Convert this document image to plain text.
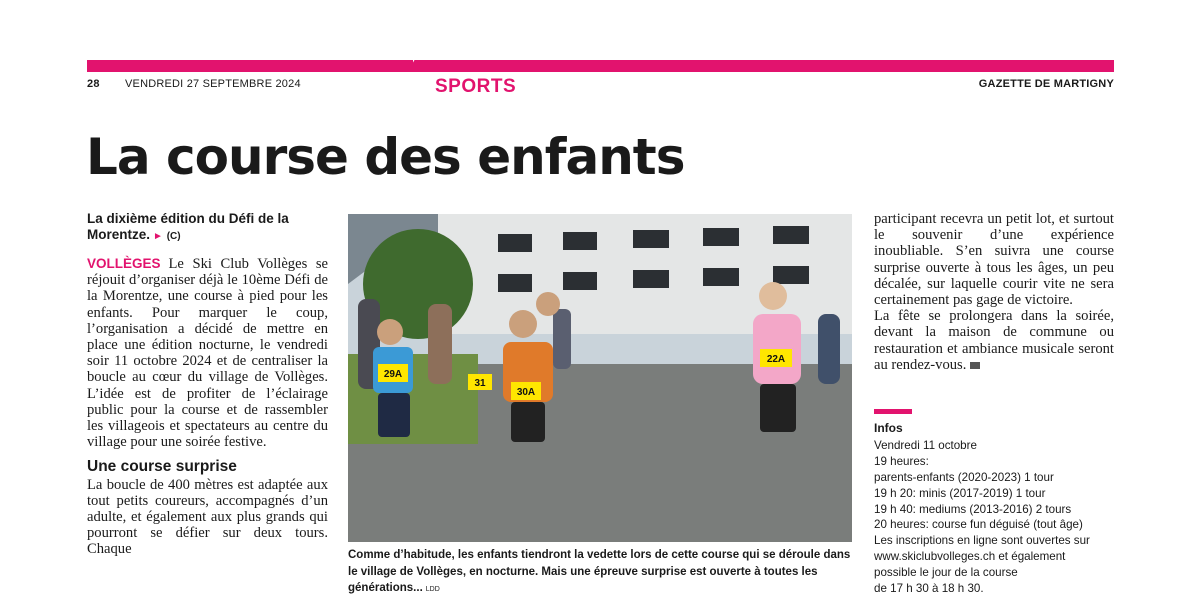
28 VENDREDI 27 SEPTEMBRE 2024	SPORTS	GAZETTE DE MARTIGNY
La course des enfants
La dixième édition du Défi de la Morentze. ► (C)

VOLLÈGES Le Ski Club Vollèges se réjouit d’organiser déjà le 10ème Défi de la Morentze, une course à pied pour les enfants. Pour marquer le coup, l’organisation a décidé de mettre en place une édition nocturne, le vendredi soir 11 octobre 2024 et de centraliser la boucle au cœur du village de Vollèges. L’idée est de profiter de l’éclairage public pour la course et de rassembler les villageois et spectateurs au centre du village pour une soirée festive.

Une course surprise

La boucle de 400 mètres est adaptée aux tout petits coureurs, accompagnés d’un adulte, et également aux plus grands qui pourront se défier sur deux tours. Chaque

29A
30A
22A
31
Comme d’habitude, les enfants tiendront la vedette lors de cette course qui se déroule dans le village de Vollèges, en nocturne. Mais une épreuve surprise est ouverte à toutes les générations... LDD

participant recevra un petit lot, et surtout le souvenir d’une expérience inoubliable. S’en suivra une course surprise ouverte à tous les âges, un peu décalée, sur laquelle courir vite ne sera certainement pas gage de victoire.

La fête se prolongera dans la soirée, devant la maison de commune ou restauration et ambiance musicale seront au rendez-vous.

Infos
Vendredi 11 octobre
19 heures:
parents-enfants (2020-2023) 1 tour
19 h 20: minis (2017-2019) 1 tour
19 h 40: mediums (2013-2016) 2 tours
20 heures: course fun déguisé (tout âge)
Les inscriptions en ligne sont ouvertes sur
www.skiclubvolleges.ch et également
possible le jour de la course
de 17 h 30 à 18 h 30.
